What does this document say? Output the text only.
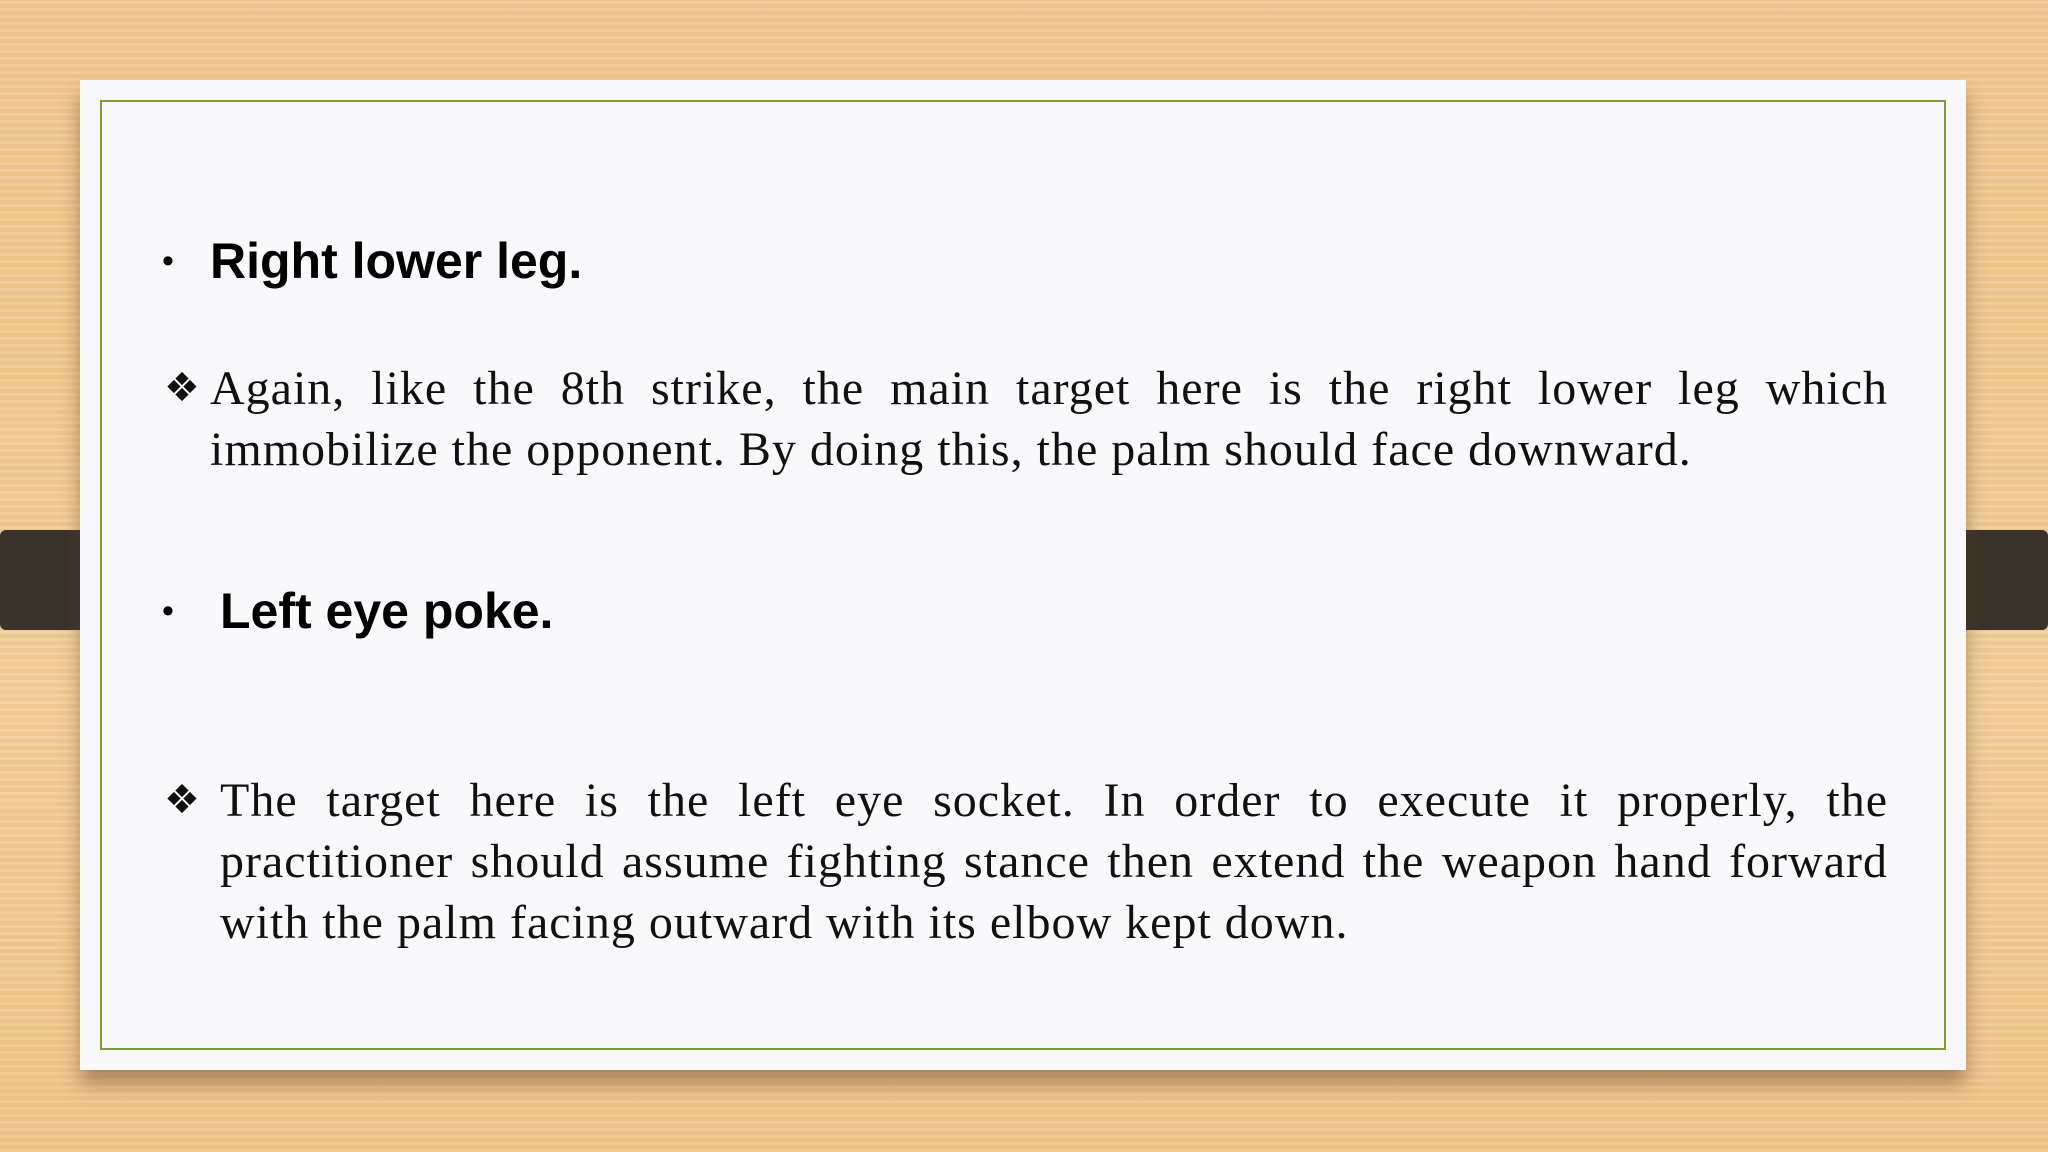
• Right lower leg.
❖ Again, like the 8th strike, the main target here is the right lower leg which immobilize the opponent. By doing this, the palm should face downward.
• Left eye poke.
❖ The target here is the left eye socket. In order to execute it properly, the practitioner should assume fighting stance then extend the weapon hand forward with the palm facing outward with its elbow kept down.
